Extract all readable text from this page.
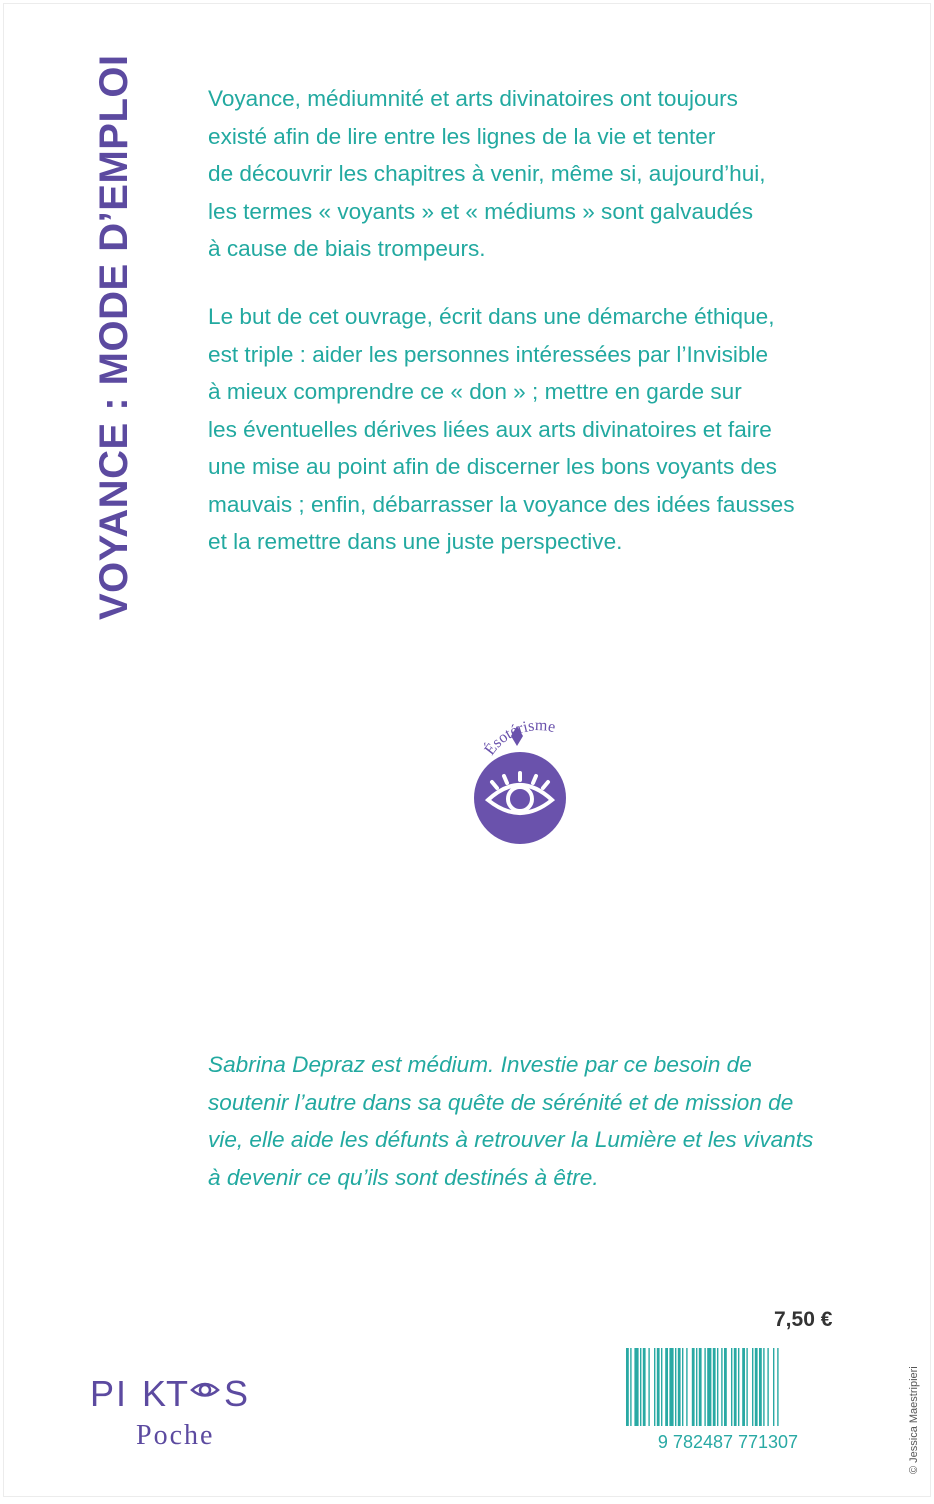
VOYANCE : MODE D’EMPLOI	Voyance, médiumnité et arts divinatoires ont toujours
existé afin de lire entre les lignes de la vie et tenter
de découvrir les chapitres à venir, même si, aujourd’hui,
les termes « voyants » et « médiums » sont galvaudés
à cause de biais trompeurs.
Le but de cet ouvrage, écrit dans une démarche éthique,
est triple : aider les personnes intéressées par l’Invisible
à mieux comprendre ce « don » ; mettre en garde sur
les éventuelles dérives liées aux arts divinatoires et faire
une mise au point afin de discerner les bons voyants des
mauvais ; enfin, débarrasser la voyance des idées fausses
et la remettre dans une juste perspective.
Ésotérisme
Sabrina Depraz est médium. Investie par ce besoin de
soutenir l’autre dans sa quête de sérénité et de mission de
vie, elle aide les défunts à retrouver la Lumière et les vivants
à devenir ce qu’ils sont destinés à être.
7,50 €
9 782487 771307
PI K T S
Poche	© Jessica Maestripieri
